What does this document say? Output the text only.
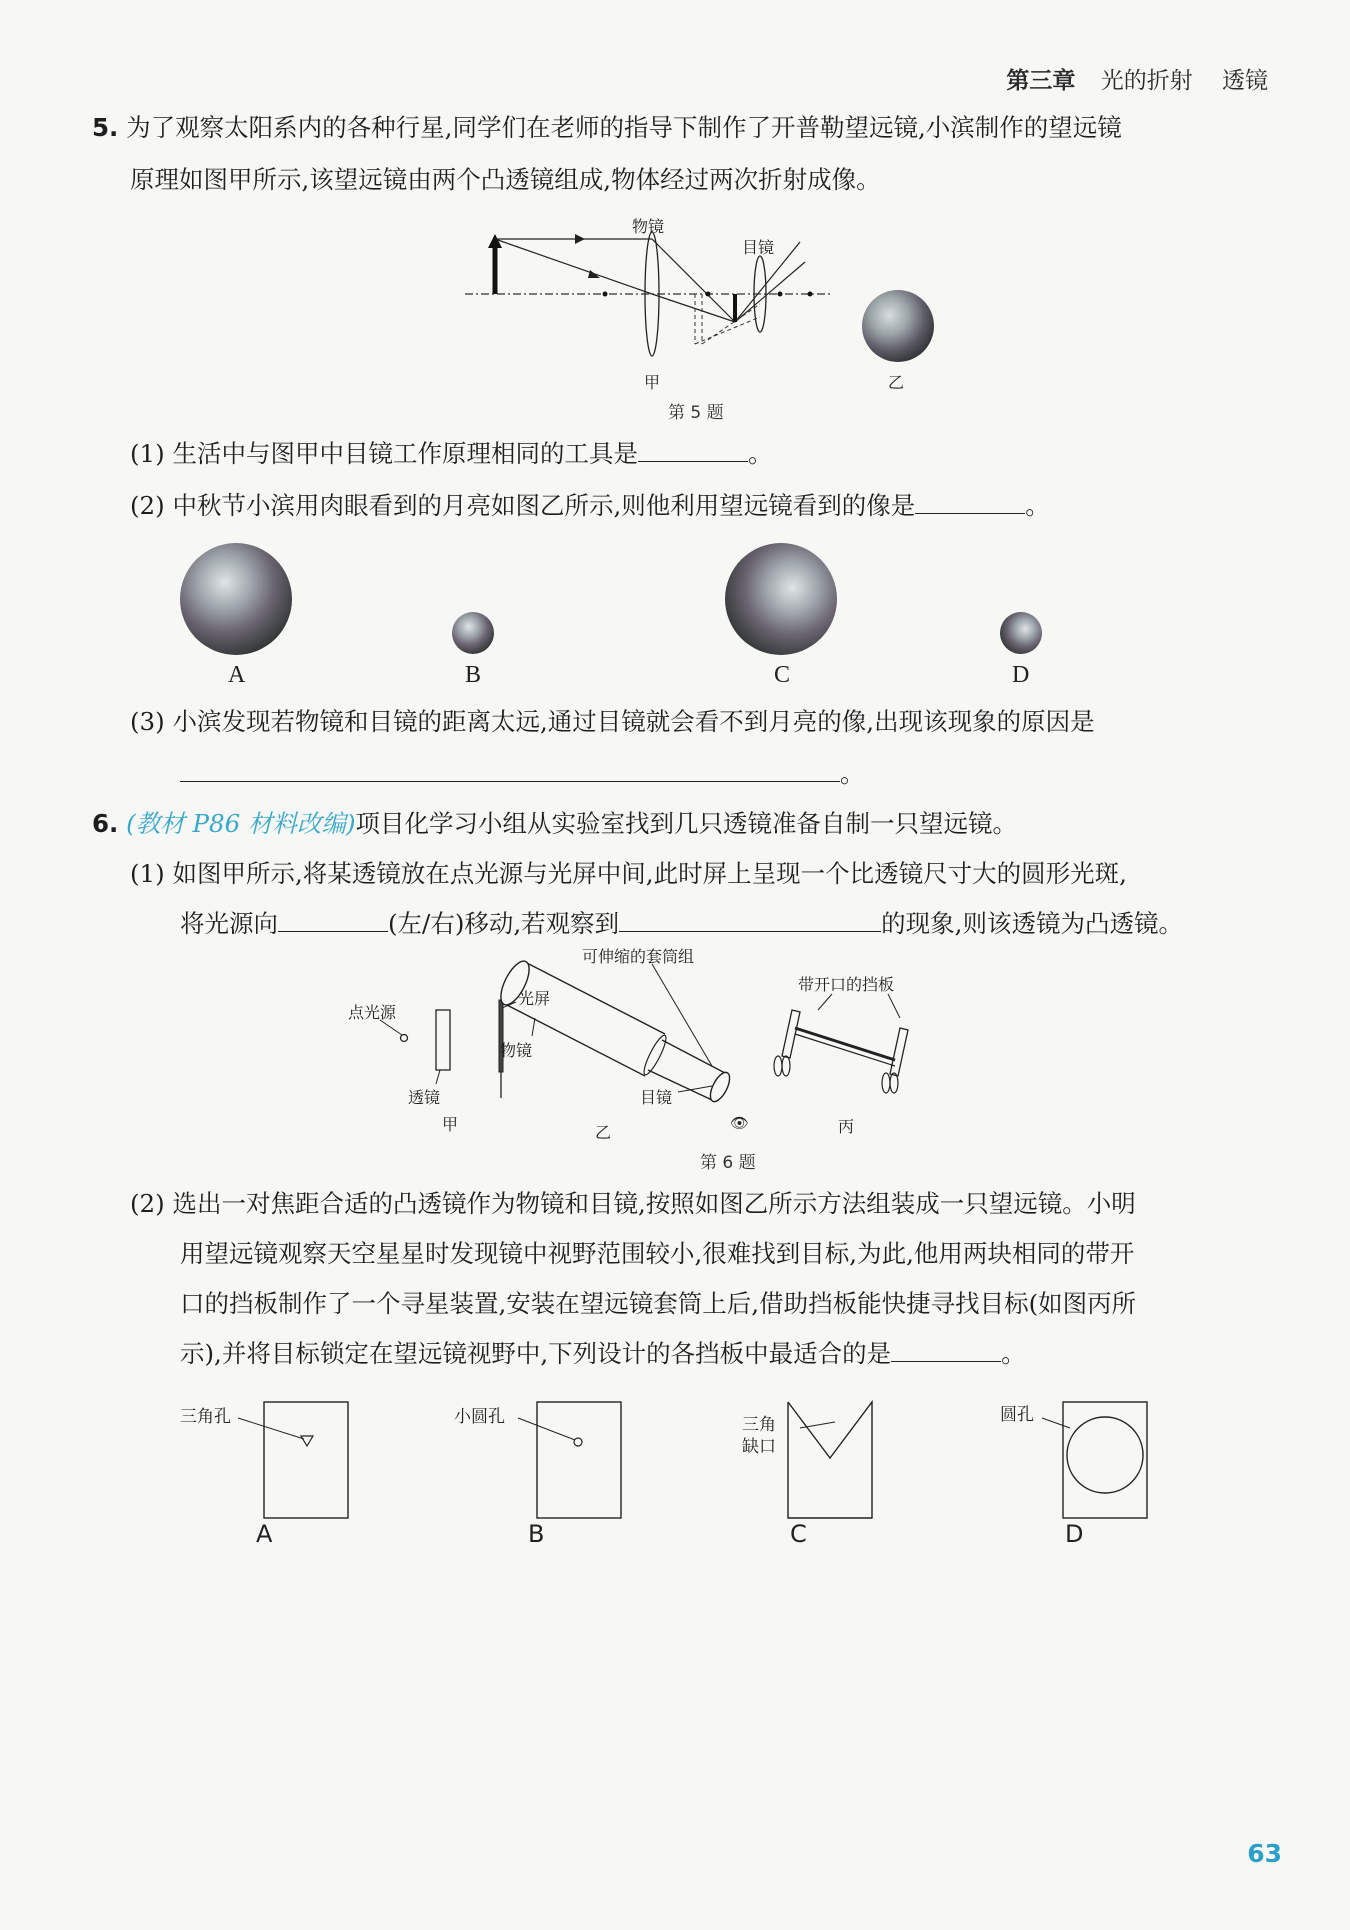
第三章 光的折射 透镜
5. 为了观察太阳系内的各种行星,同学们在老师的指导下制作了开普勒望远镜,小滨制作的望远镜
原理如图甲所示,该望远镜由两个凸透镜组成,物体经过两次折射成像。
物镜
目镜
甲	乙
第 5 题
(1) 生活中与图甲中目镜工作原理相同的工具是	。
(2) 中秋节小滨用肉眼看到的月亮如图乙所示,则他利用望远镜看到的像是	。
A	B	C	D
(3) 小滨发现若物镜和目镜的距离太远,通过目镜就会看不到月亮的像,出现该现象的原因是
。
6. (教材 P86 材料改编)项目化学习小组从实验室找到几只透镜准备自制一只望远镜。
(1) 如图甲所示,将某透镜放在点光源与光屏中间,此时屏上呈现一个比透镜尺寸大的圆形光斑,
将光源向	(左/右)移动,若观察到	的现象,则该透镜为凸透镜。
点光源
透镜
光屏
甲	👁
可伸缩的套筒组
物镜
目镜
乙
带开口的挡板
丙
第 6 题
(2) 选出一对焦距合适的凸透镜作为物镜和目镜,按照如图乙所示方法组装成一只望远镜。小明
用望远镜观察天空星星时发现镜中视野范围较小,很难找到目标,为此,他用两块相同的带开
口的挡板制作了一个寻星装置,安装在望远镜套筒上后,借助挡板能快捷寻找目标(如图丙所
示),并将目标锁定在望远镜视野中,下列设计的各挡板中最适合的是	。
三角孔
A
小圆孔
B
三角
缺口
C
圆孔
D
63
